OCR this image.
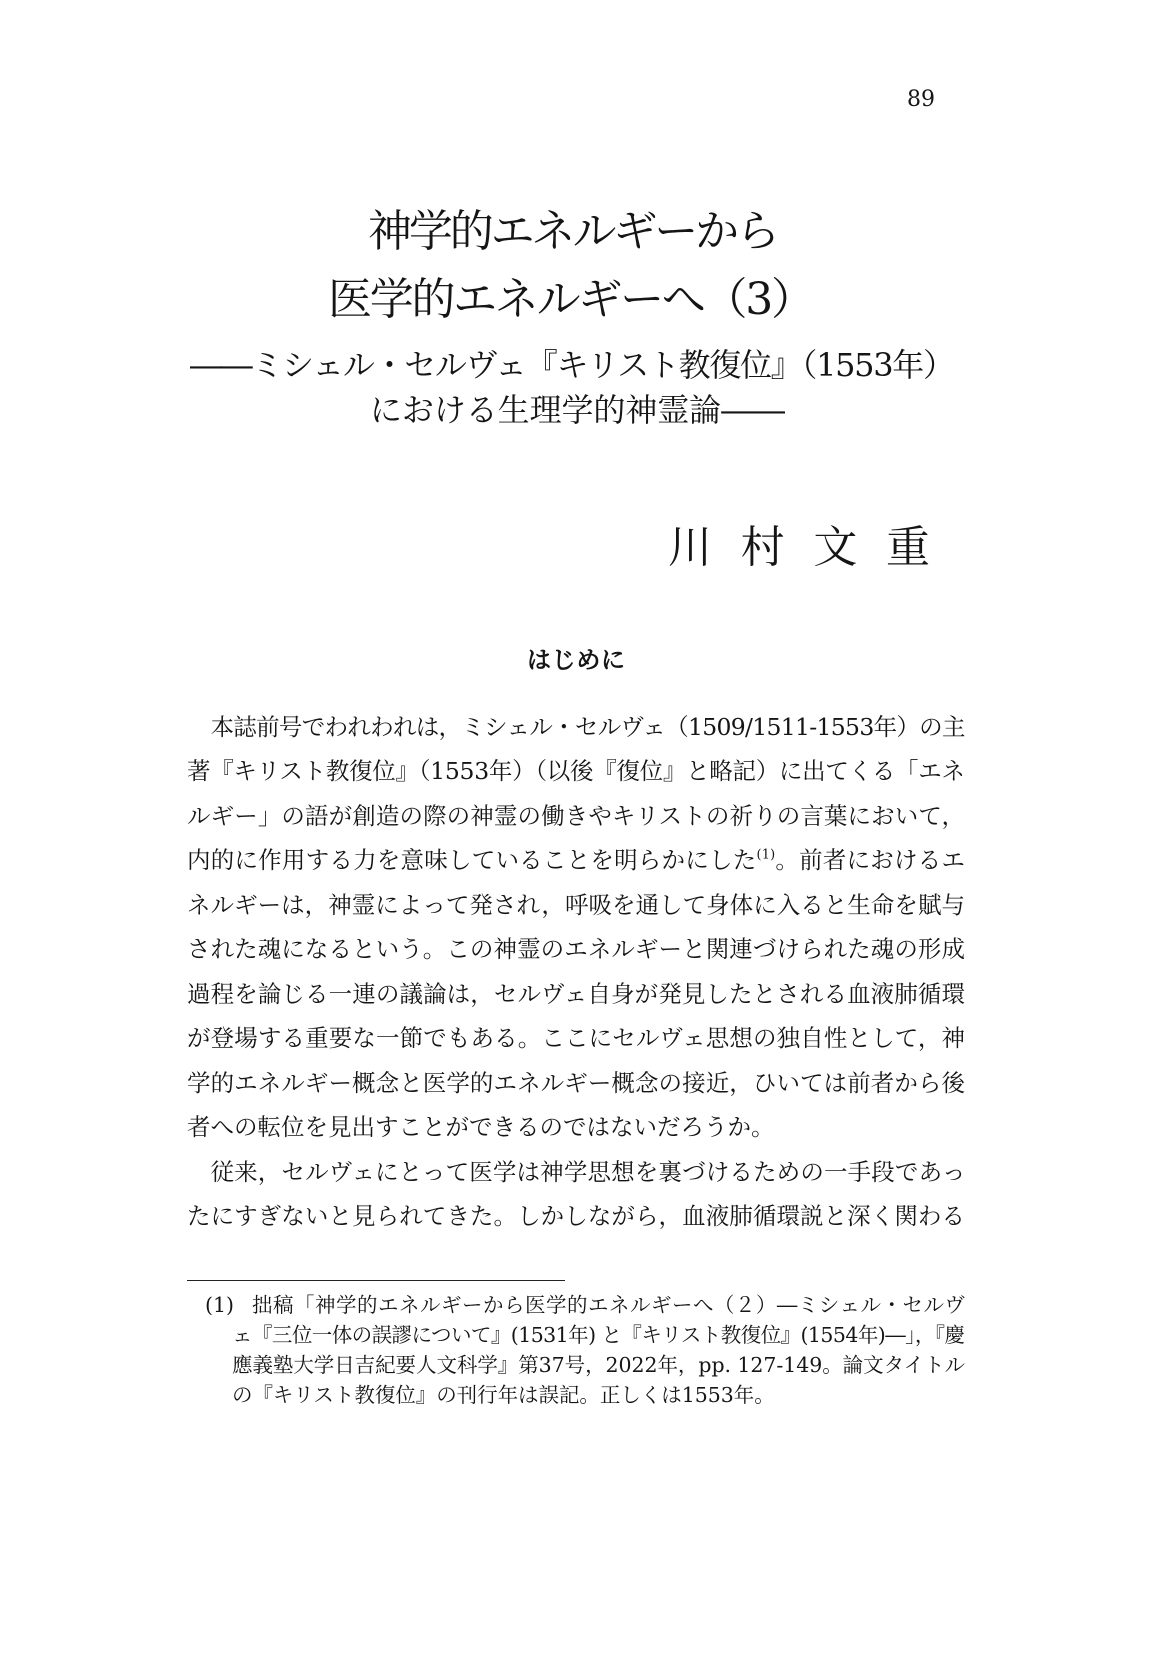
89
神学的エネルギーから
医学的エネルギーへ（3）
――ミシェル・セルヴェ『キリスト教復位』（1553年）
における生理学的神霊論――
川村文重
はじめに
本誌前号でわれわれは，ミシェル・セルヴェ（1509/1511-1553年）の主
著『キリスト教復位』（1553年）（以後『復位』と略記）に出てくる「エネ
ルギー」の語が創造の際の神霊の働きやキリストの祈りの言葉において，
内的に作用する力を意味していることを明らかにした$^{(1)}$。前者におけるエ
ネルギーは，神霊によって発され，呼吸を通して身体に入ると生命を賦与
された魂になるという。この神霊のエネルギーと関連づけられた魂の形成
過程を論じる一連の議論は，セルヴェ自身が発見したとされる血液肺循環
が登場する重要な一節でもある。ここにセルヴェ思想の独自性として，神
学的エネルギー概念と医学的エネルギー概念の接近，ひいては前者から後
者への転位を見出すことができるのではないだろうか。
従来，セルヴェにとって医学は神学思想を裏づけるための一手段であっ
たにすぎないと見られてきた。しかしながら，血液肺循環説と深く関わる
(1) 拙稿「神学的エネルギーから医学的エネルギーへ（２）―ミシェル・セルヴ
ェ『三位一体の誤謬について』(1531年) と『キリスト教復位』(1554年)―」，『慶
應義塾大学日吉紀要人文科学』第37号，2022年，pp. 127-149。論文タイトル
の『キリスト教復位』の刊行年は誤記。正しくは1553年。
